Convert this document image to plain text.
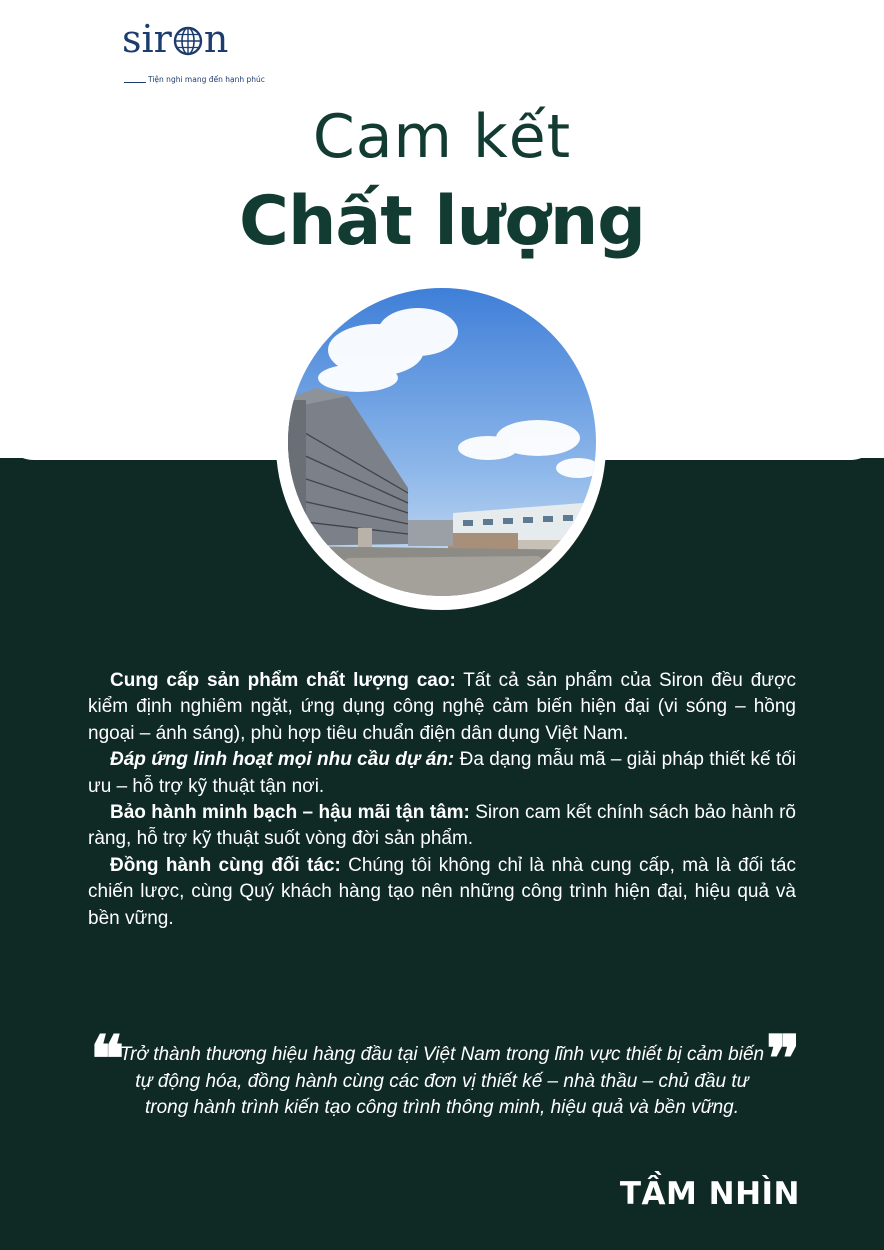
sir n
Tiện nghi mang đến hạnh phúc
Cam kết
Chất lượng

Cung cấp sản phẩm chất lượng cao: Tất cả sản phẩm của Siron đều được kiểm định nghiêm ngặt, ứng dụng công nghệ cảm biến hiện đại (vi sóng – hồng ngoại – ánh sáng), phù hợp tiêu chuẩn điện dân dụng Việt Nam.

Đáp ứng linh hoạt mọi nhu cầu dự án: Đa dạng mẫu mã – giải pháp thiết kế tối ưu – hỗ trợ kỹ thuật tận nơi.

Bảo hành minh bạch – hậu mãi tận tâm: Siron cam kết chính sách bảo hành rõ ràng, hỗ trợ kỹ thuật suốt vòng đời sản phẩm.

Đồng hành cùng đối tác: Chúng tôi không chỉ là nhà cung cấp, mà là đối tác chiến lược, cùng Quý khách hàng tạo nên những công trình hiện đại, hiệu quả và bền vững.

❝
Trở thành thương hiệu hàng đầu tại Việt Nam trong lĩnh vực thiết bị cảm biến tự động hóa, đồng hành cùng các đơn vị thiết kế – nhà thầu – chủ đầu tư trong hành trình kiến tạo công trình thông minh, hiệu quả và bền vững.
❞
TẦM NHÌN
